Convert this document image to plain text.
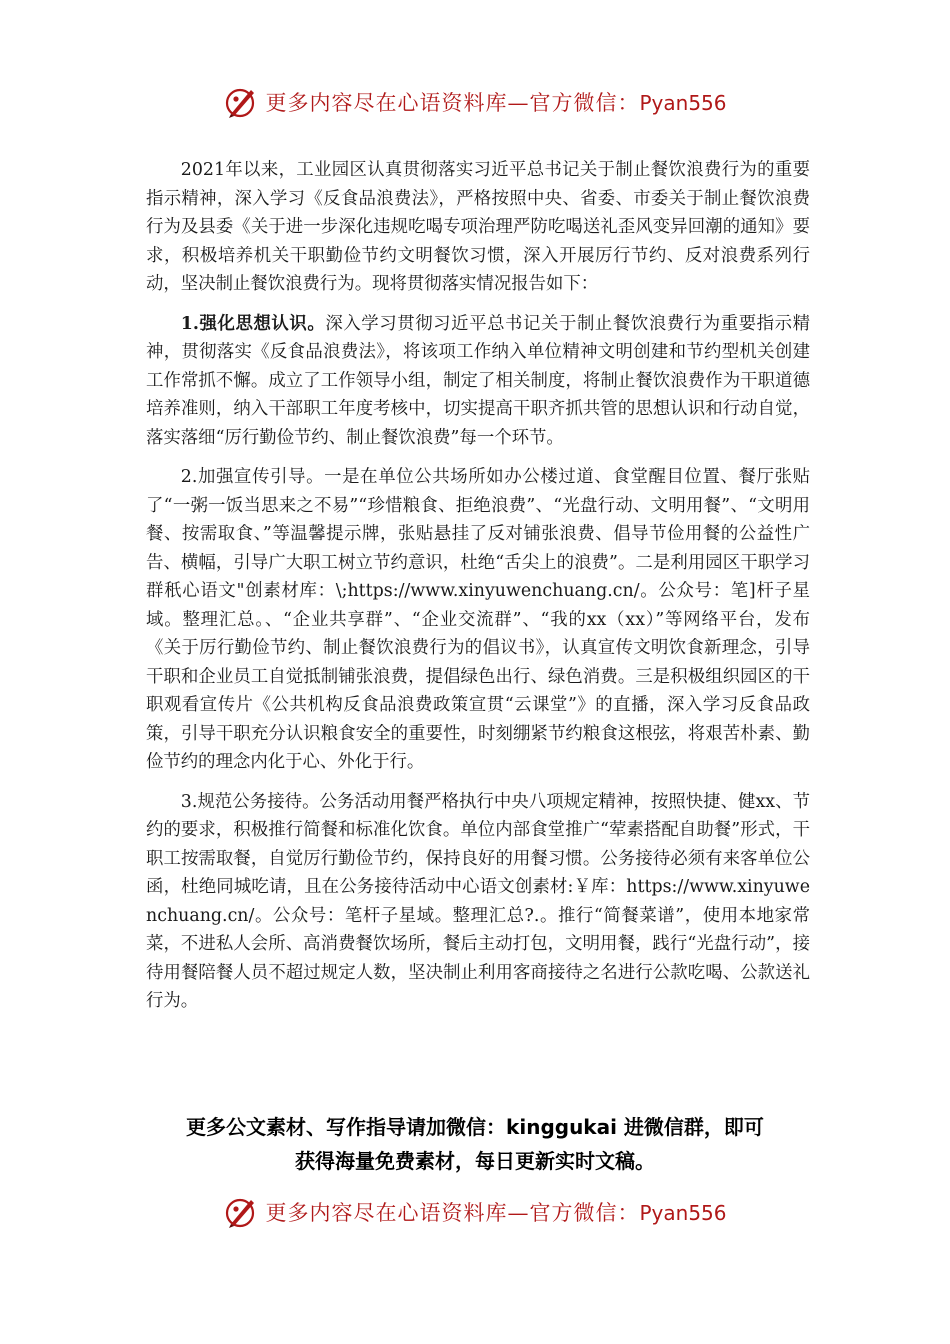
更多内容尽在心语资料库—官方微信：Pyan556

2021年以来，工业园区认真贯彻落实习近平总书记关于制止餐饮浪费行为的重要指示精神，深入学习《反食品浪费法》，严格按照中央、省委、市委关于制止餐饮浪费行为及县委《关于进一步深化违规吃喝专项治理严防吃喝送礼歪风变异回潮的通知》要求，积极培养机关干职勤俭节约文明餐饮习惯，深入开展厉行节约、反对浪费系列行动，坚决制止餐饮浪费行为。现将贯彻落实情况报告如下：

1.强化思想认识。深入学习贯彻习近平总书记关于制止餐饮浪费行为重要指示精神，贯彻落实《反食品浪费法》，将该项工作纳入单位精神文明创建和节约型机关创建工作常抓不懈。成立了工作领导小组，制定了相关制度，将制止餐饮浪费作为干职道德培养准则，纳入干部职工年度考核中，切实提高干职齐抓共管的思想认识和行动自觉，落实落细“厉行勤俭节约、制止餐饮浪费”每一个环节。

2.加强宣传引导。一是在单位公共场所如办公楼过道、食堂醒目位置、餐厅张贴了“一粥一饭当思来之不易”“珍惜粮食、拒绝浪费”、“光盘行动、文明用餐”、“文明用餐、按需取食、”等温馨提示牌，张贴悬挂了反对铺张浪费、倡导节俭用餐的公益性广告、横幅，引导广大职工树立节约意识，杜绝“舌尖上的浪费”。二是利用园区干职学习群秖心语文"创素材库：\;https://www.xinyuwenchuang.cn/。公众号：笔]杆子星域。整理汇总。、“企业共享群”、“企业交流群”、“我的xx（xx）”等网络平台，发布《关于厉行勤俭节约、制止餐饮浪费行为的倡议书》，认真宣传文明饮食新理念，引导干职和企业员工自觉抵制铺张浪费，提倡绿色出行、绿色消费。三是积极组织园区的干职观看宣传片《公共机构反食品浪费政策宣贯“云课堂”》的直播，深入学习反食品政策，引导干职充分认识粮食安全的重要性，时刻绷紧节约粮食这根弦，将艰苦朴素、勤俭节约的理念内化于心、外化于行。

3.规范公务接待。公务活动用餐严格执行中央八项规定精神，按照快捷、健xx、节约的要求，积极推行简餐和标准化饮食。单位内部食堂推广“荤素搭配自助餐”形式，干职工按需取餐，自觉厉行勤俭节约，保持良好的用餐习惯。公务接待必须有来客单位公函，杜绝同城吃请，且在公务接待活动中心语文创素材:￥库：https://www.xinyuwenchuang.cn/。公众号：笔杆子星域。整理汇总?.。推行“简餐菜谱”，使用本地家常菜，不进私人会所、高消费餐饮场所，餐后主动打包，文明用餐，践行“光盘行动”，接待用餐陪餐人员不超过规定人数，坚决制止利用客商接待之名进行公款吃喝、公款送礼行为。

更多公文素材、写作指导请加微信：kinggukai 进微信群，即可
获得海量免费素材，每日更新实时文稿。
更多内容尽在心语资料库—官方微信：Pyan556
